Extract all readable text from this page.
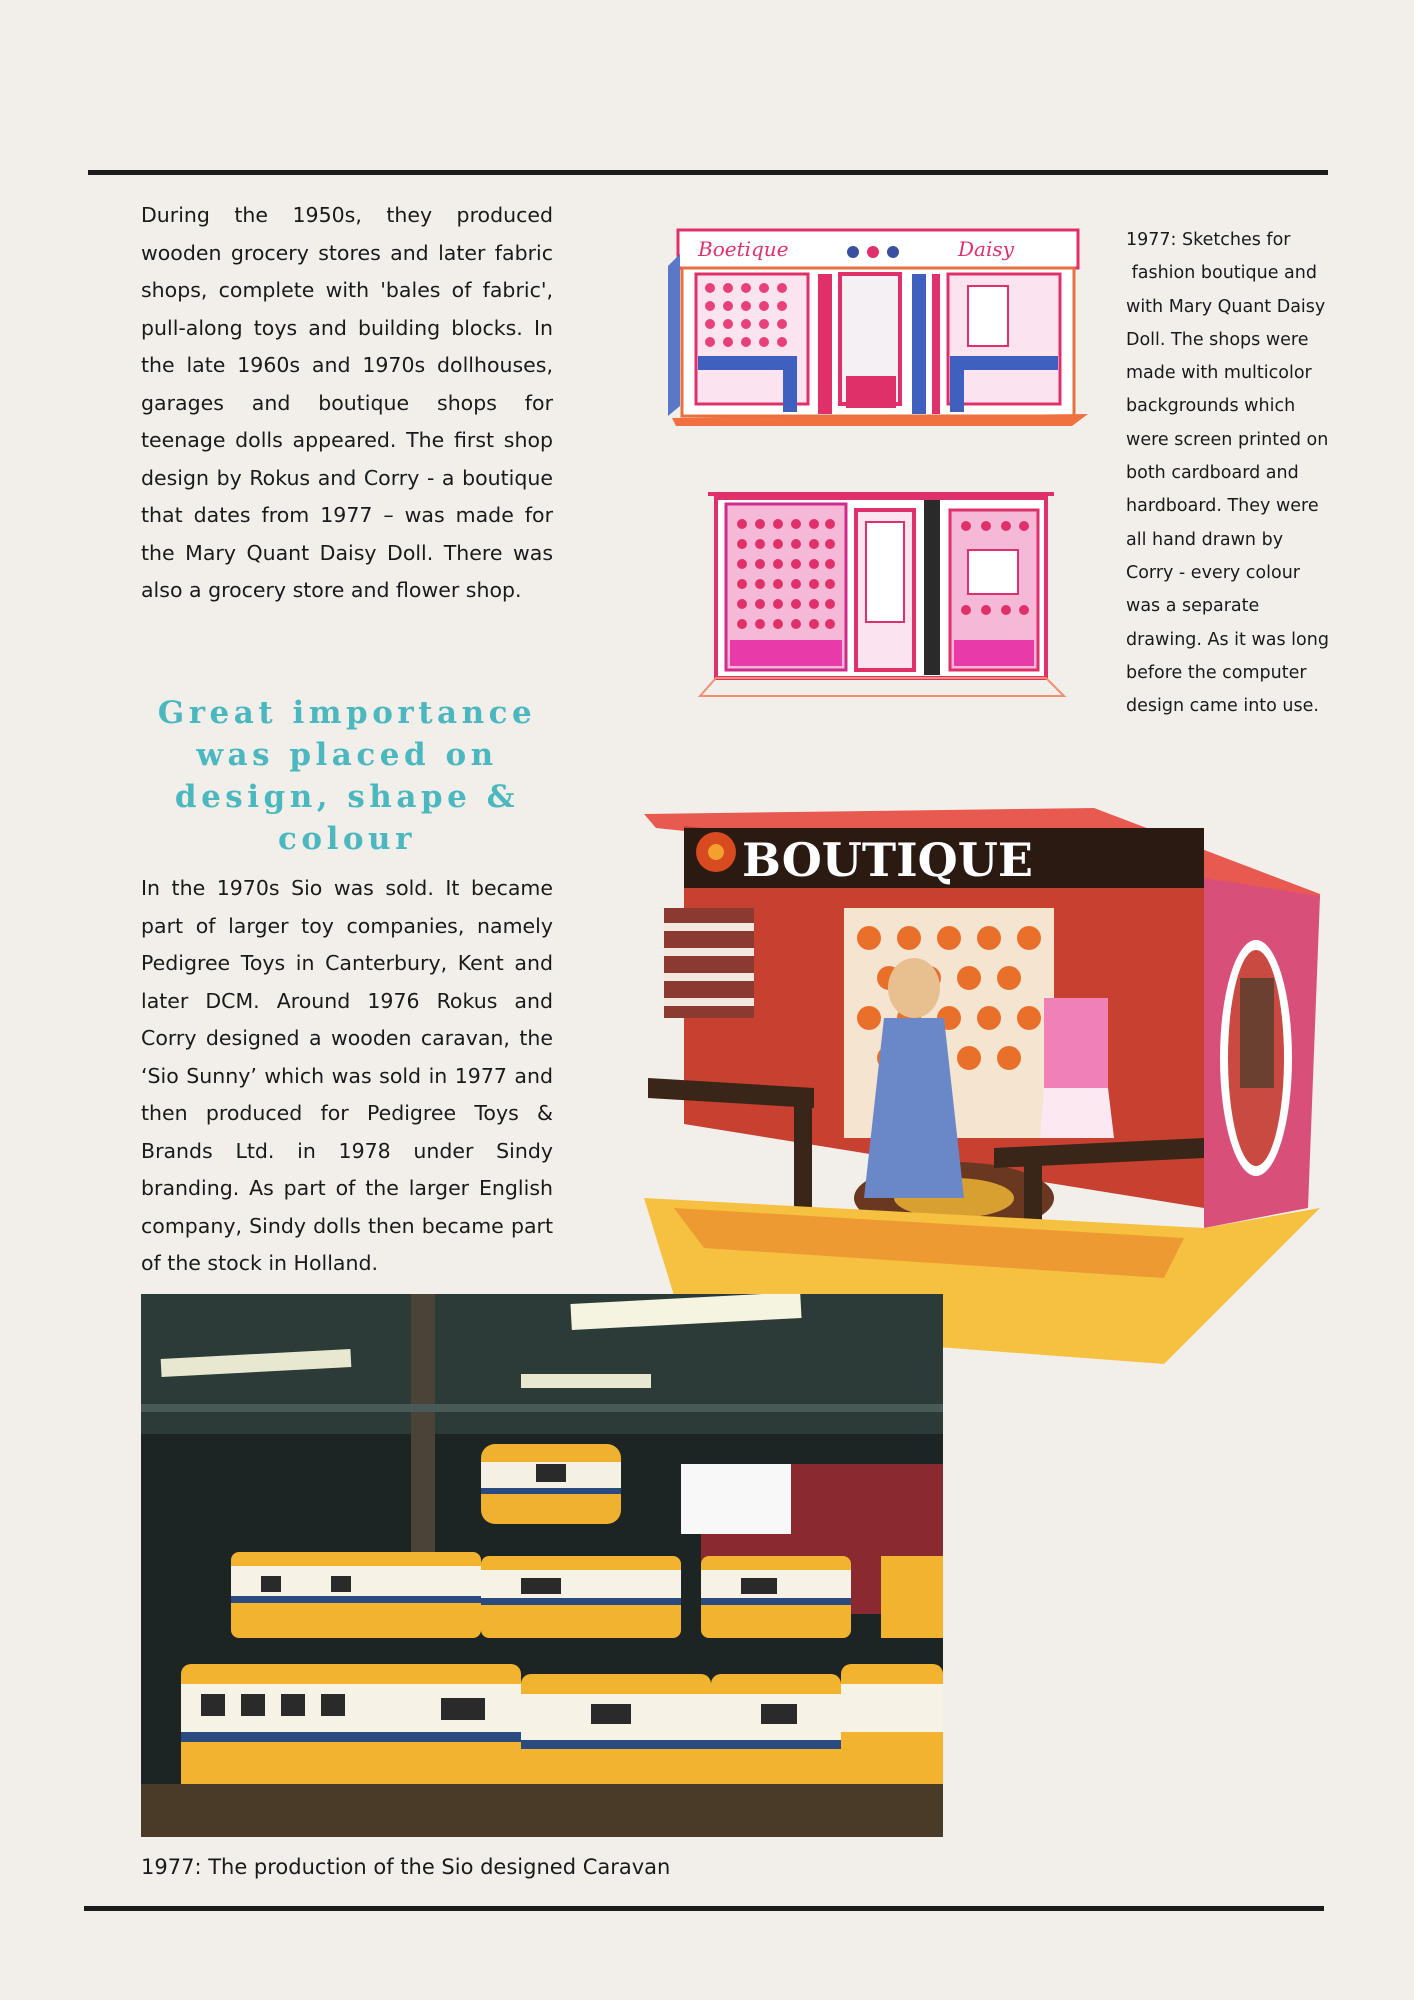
During the 1950s, they produced wooden grocery stores and later fabric shops, complete with 'bales of fabric', pull-along toys and building blocks. In the late 1960s and 1970s dollhouses, garages and boutique shops for teenage dolls appeared. The first shop design by Rokus and Corry - a boutique that dates from 1977 – was made for the Mary Quant Daisy Doll. There was also a grocery store and flower shop.

Great importance was placed on design, shape & colour

In the 1970s Sio was sold. It became part of larger toy companies, namely Pedigree Toys in Canterbury, Kent and later DCM. Around 1976 Rokus and Corry designed a wooden caravan, the ‘Sio Sunny’ which was sold in 1977 and then produced for Pedigree Toys & Brands Ltd. in 1978 under Sindy branding. As part of the larger English company, Sindy dolls then became part of the stock in Holland.

Boetique	Daisy	1977: Sketches for
fashion boutique and
with Mary Quant Daisy
Doll. The shops were
made with multicolor
backgrounds which
were screen printed on
both cardboard and
hardboard. They were
all hand drawn by
Corry - every colour
was a separate
drawing. As it was long
before the computer
design came into use.

BOUTIQUE

1977: The production of the Sio designed Caravan
